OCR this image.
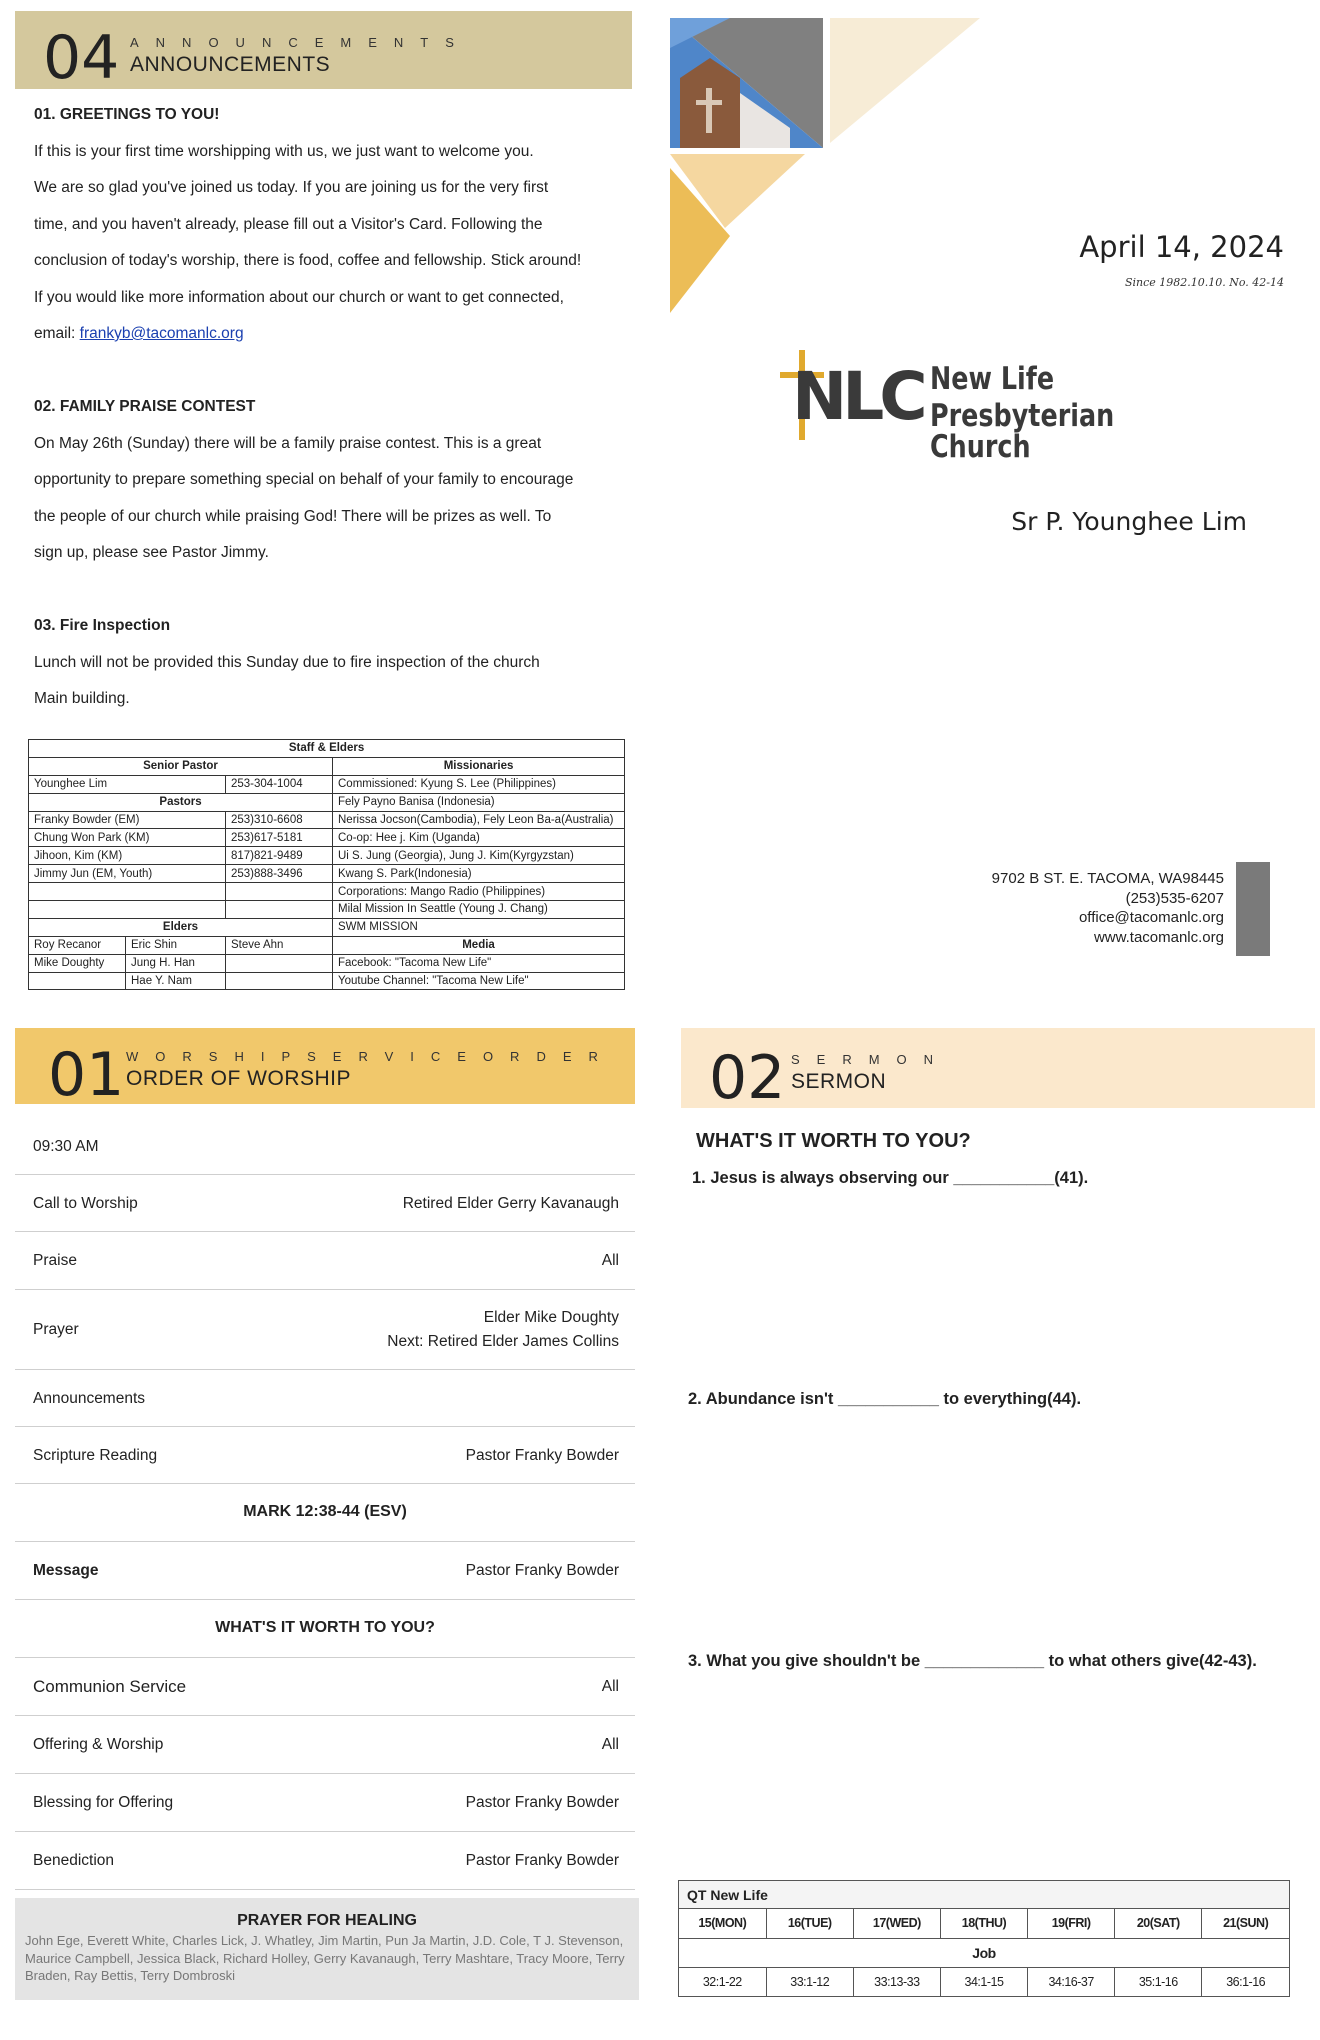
04 ANNOUNCEMENTS
ANNOUNCEMENTS
01. GREETINGS TO YOU!
If this is your first time worshipping with us, we just want to welcome you.
We are so glad you've joined us today. If you are joining us for the very first
time, and you haven't already, please fill out a Visitor's Card. Following the
conclusion of today's worship, there is food, coffee and fellowship. Stick around!
If you would like more information about our church or want to get connected,
email: frankyb@tacomanlc.org
02. FAMILY PRAISE CONTEST
On May 26th (Sunday) there will be a family praise contest. This is a great
opportunity to prepare something special on behalf of your family to encourage
the people of our church while praising God! There will be prizes as well. To
sign up, please see Pastor Jimmy.
03. Fire Inspection
Lunch will not be provided this Sunday due to fire inspection of the church
Main building.
Staff & Elders			
Senior Pastor			Missionaries
Younghee Lim		253-304-1004	Commissioned: Kyung S. Lee (Philippines)
Pastors			Fely Payno Banisa (Indonesia)
Franky Bowder (EM)		253)310-6608	Nerissa Jocson(Cambodia), Fely Leon Ba-a(Australia)
Chung Won Park (KM)		253)617-5181	Co-op: Hee j. Kim (Uganda)
Jihoon, Kim (KM)		817)821-9489	Ui S. Jung (Georgia), Jung J. Kim(Kyrgyzstan)
Jimmy Jun (EM, Youth)		253)888-3496	Kwang S. Park(Indonesia)
			Corporations: Mango Radio (Philippines)
			Milal Mission In Seattle (Young J. Chang)
Elders			SWM MISSION
Roy Recanor	Eric Shin	Steve Ahn	Media
Mike Doughty	Jung H. Han		Facebook: "Tacoma New Life"
	Hae Y. Nam		Youtube Channel: "Tacoma New Life"
April 14, 2024
Since 1982.10.10. No. 42-14
NLC New Life
Presbyterian Church
Sr P. Younghee Lim
9702 B ST. E. TACOMA, WA98445
(253)535-6207
office@tacomanlc.org
www.tacomanlc.org
01 WORSHIPSERVICEORDER
ORDER OF WORSHIP
09:30 AM
Call to Worship	Retired Elder Gerry Kavanaugh
Praise	All
Prayer
Elder Mike Doughty
Next: Retired Elder James Collins
Announcements
Scripture Reading	Pastor Franky Bowder
MARK 12:38-44 (ESV)
Message	Pastor Franky Bowder
WHAT'S IT WORTH TO YOU?
Communion Service	All
Offering & Worship	All
Blessing for Offering	Pastor Franky Bowder
Benediction	Pastor Franky Bowder
PRAYER FOR HEALING
John Ege, Everett White, Charles Lick, J. Whatley, Jim Martin, Pun Ja Martin, J.D. Cole, T J. Stevenson, Maurice Campbell, Jessica Black, Richard Holley, Gerry Kavanaugh, Terry Mashtare, Tracy Moore, Terry Braden, Ray Bettis, Terry Dombroski
02 SERMON
SERMON
WHAT'S IT WORTH TO YOU?
1. Jesus is always observing our ___________(41).
2. Abundance isn't ___________ to everything(44).
3. What you give shouldn't be _____________ to what others give(42-43).
QT New Life
15(MON)	16(TUE)	17(WED)	18(THU)	19(FRI)	20(SAT)	21(SUN)
Job						
32:1-22	33:1-12	33:13-33	34:1-15	34:16-37	35:1-16	36:1-16
